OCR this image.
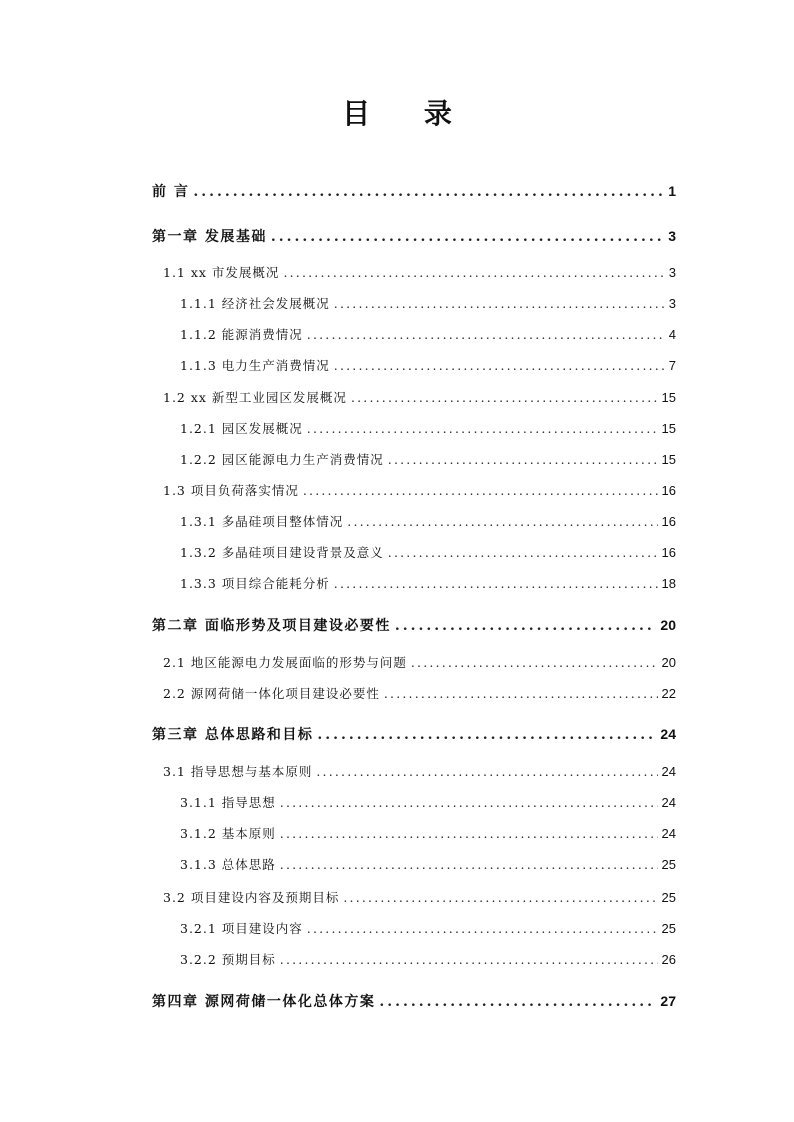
目 录
前 言 .....	1
第一章 发展基础 .....	3
1.1 xx 市发展概况 .....	3
1.1.1 经济社会发展概况 .....	3
1.1.2 能源消费情况 .....	4
1.1.3 电力生产消费情况 .....	7
1.2 xx 新型工业园区发展概况 .....	15
1.2.1 园区发展概况 .....	15
1.2.2 园区能源电力生产消费情况 .....	15
1.3 项目负荷落实情况 .....	16
1.3.1 多晶硅项目整体情况 .....	16
1.3.2 多晶硅项目建设背景及意义 .....	16
1.3.3 项目综合能耗分析 .....	18
第二章 面临形势及项目建设必要性 .....	20
2.1 地区能源电力发展面临的形势与问题 .....	20
2.2 源网荷储一体化项目建设必要性 .....	22
第三章 总体思路和目标 .....	24
3.1 指导思想与基本原则 .....	24
3.1.1 指导思想 .....	24
3.1.2 基本原则 .....	24
3.1.3 总体思路 .....	25
3.2 项目建设内容及预期目标 .....	25
3.2.1 项目建设内容 .....	25
3.2.2 预期目标 .....	26
第四章 源网荷储一体化总体方案 .....	27
